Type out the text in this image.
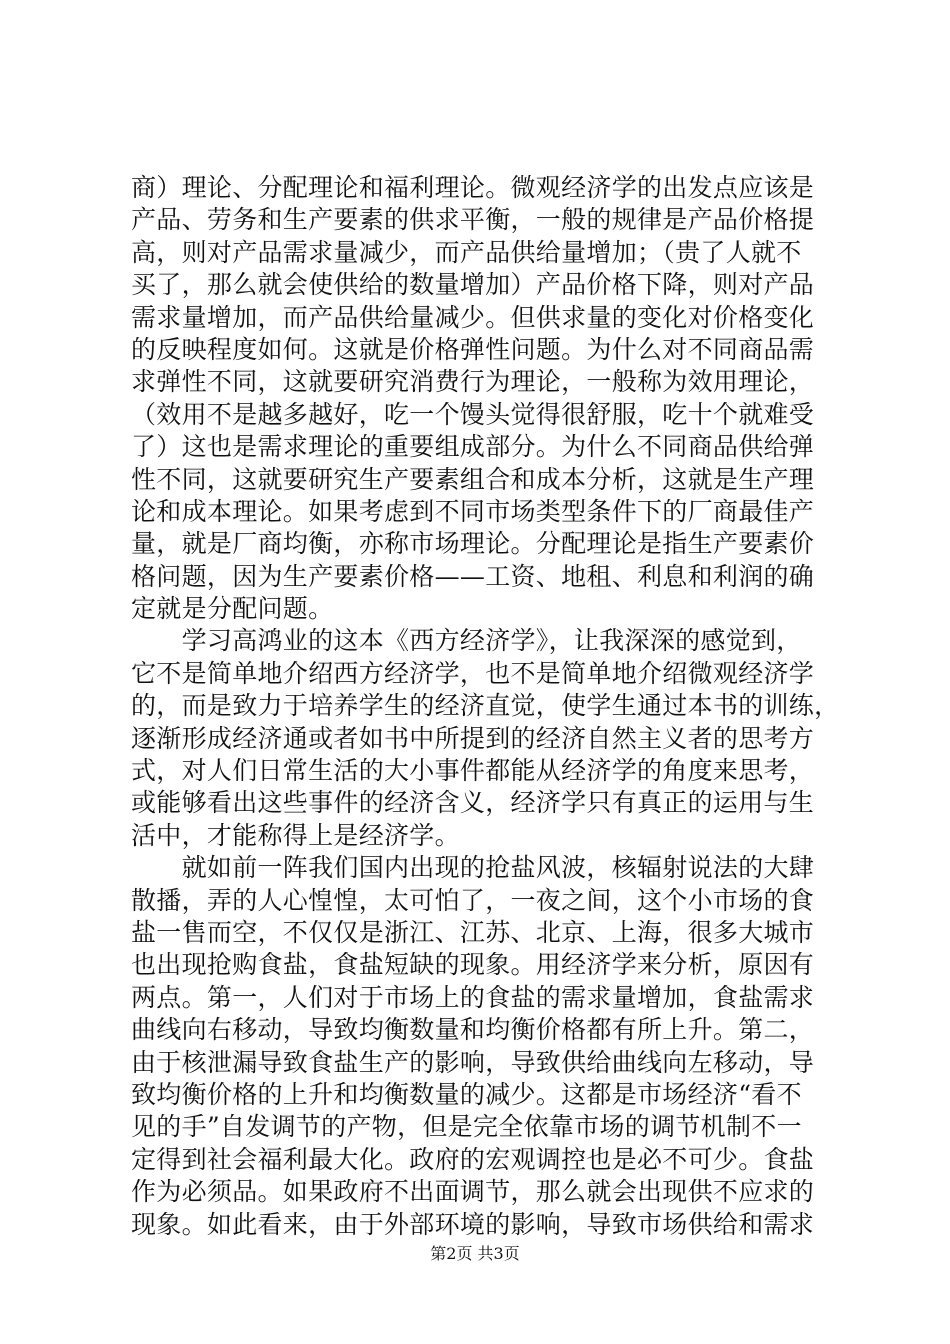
商）理论、分配理论和福利理论。微观经济学的出发点应该是
产品、劳务和生产要素的供求平衡，一般的规律是产品价格提
高，则对产品需求量减少，而产品供给量增加；（贵了人就不
买了，那么就会使供给的数量增加）产品价格下降，则对产品
需求量增加，而产品供给量减少。但供求量的变化对价格变化
的反映程度如何。这就是价格弹性问题。为什么对不同商品需
求弹性不同，这就要研究消费行为理论，一般称为效用理论，
（效用不是越多越好，吃一个馒头觉得很舒服，吃十个就难受
了）这也是需求理论的重要组成部分。为什么不同商品供给弹
性不同，这就要研究生产要素组合和成本分析，这就是生产理
论和成本理论。如果考虑到不同市场类型条件下的厂商最佳产
量，就是厂商均衡，亦称市场理论。分配理论是指生产要素价
格问题，因为生产要素价格——工资、地租、利息和利润的确
定就是分配问题。
　　学习高鸿业的这本《西方经济学》，让我深深的感觉到，
它不是简单地介绍西方经济学，也不是简单地介绍微观经济学
的，而是致力于培养学生的经济直觉，使学生通过本书的训练，
逐渐形成经济通或者如书中所提到的经济自然主义者的思考方
式，对人们日常生活的大小事件都能从经济学的角度来思考，
或能够看出这些事件的经济含义，经济学只有真正的运用与生
活中，才能称得上是经济学。
　　就如前一阵我们国内出现的抢盐风波，核辐射说法的大肆
散播，弄的人心惶惶，太可怕了，一夜之间，这个小市场的食
盐一售而空，不仅仅是浙江、江苏、北京、上海，很多大城市
也出现抢购食盐，食盐短缺的现象。用经济学来分析，原因有
两点。第一，人们对于市场上的食盐的需求量增加，食盐需求
曲线向右移动，导致均衡数量和均衡价格都有所上升。第二，
由于核泄漏导致食盐生产的影响，导致供给曲线向左移动，导
致均衡价格的上升和均衡数量的减少。这都是市场经济“看不
见的手”自发调节的产物，但是完全依靠市场的调节机制不一
定得到社会福利最大化。政府的宏观调控也是必不可少。食盐
作为必须品。如果政府不出面调节，那么就会出现供不应求的
现象。如此看来，由于外部环境的影响，导致市场供给和需求
第2页 共3页
